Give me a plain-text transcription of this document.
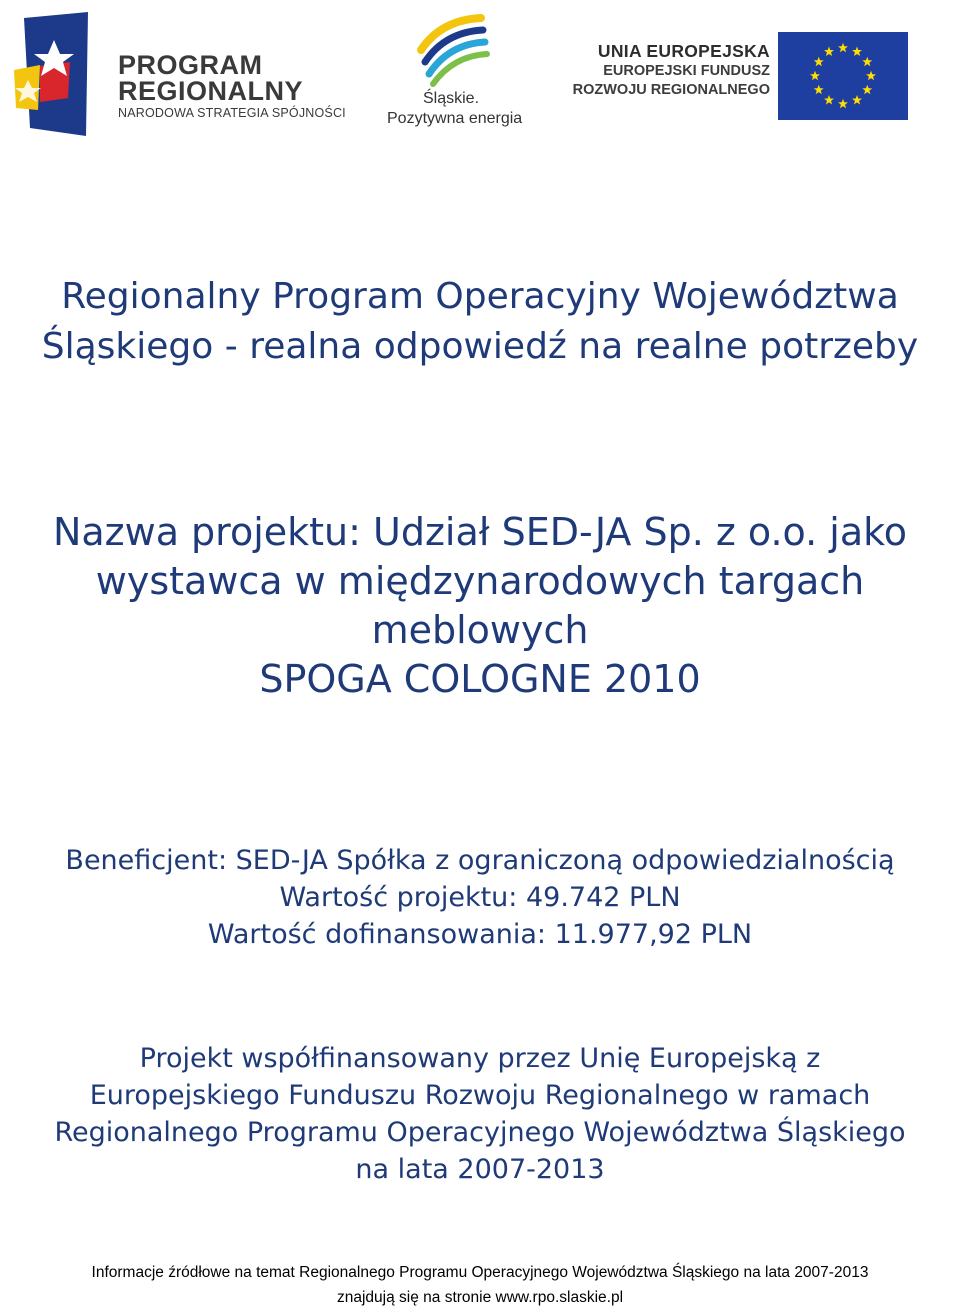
PROGRAM
REGIONALNY
NARODOWA STRATEGIA SPÓJNOŚCI
Śląskie.
Pozytywna energia
UNIA EUROPEJSKA
EUROPEJSKI FUNDUSZ
ROZWOJU REGIONALNEGO
Regionalny Program Operacyjny Województwa
Śląskiego - realna odpowiedź na realne potrzeby
Nazwa projektu: Udział SED-JA Sp. z o.o. jako
wystawca w międzynarodowych targach
meblowych
SPOGA COLOGNE 2010
Beneficjent: SED-JA Spółka z ograniczoną odpowiedzialnością
Wartość projektu: 49.742 PLN
Wartość dofinansowania: 11.977,92 PLN
Projekt współfinansowany przez Unię Europejską z
Europejskiego Funduszu Rozwoju Regionalnego w ramach
Regionalnego Programu Operacyjnego Województwa Śląskiego
na lata 2007-2013
Informacje źródłowe na temat Regionalnego Programu Operacyjnego Województwa Śląskiego na lata 2007-2013
znajdują się na stronie www.rpo.slaskie.pl
